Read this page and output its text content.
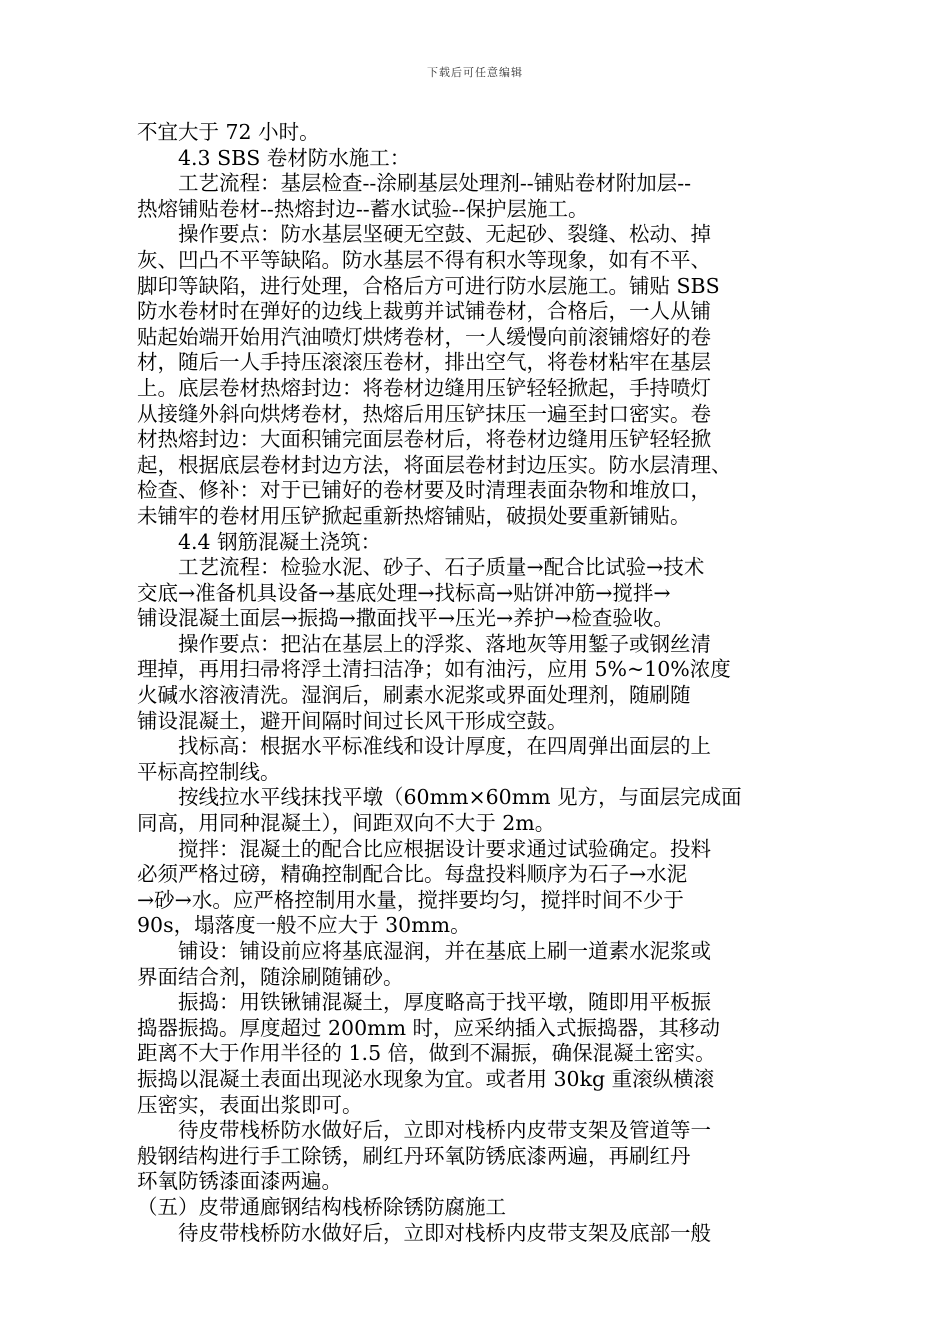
下载后可任意编辑
不宜大于 72 小时。
　　4.3 SBS 卷材防水施工：
　　工艺流程：基层检查--涂刷基层处理剂--铺贴卷材附加层--
热熔铺贴卷材--热熔封边--蓄水试验--保护层施工。
　　操作要点：防水基层坚硬无空鼓、无起砂、裂缝、松动、掉
灰、凹凸不平等缺陷。防水基层不得有积水等现象，如有不平、
脚印等缺陷，进行处理，合格后方可进行防水层施工。铺贴 SBS
防水卷材时在弹好的边线上裁剪并试铺卷材，合格后，一人从铺
贴起始端开始用汽油喷灯烘烤卷材，一人缓慢向前滚铺熔好的卷
材，随后一人手持压滚滚压卷材，排出空气，将卷材粘牢在基层
上。底层卷材热熔封边：将卷材边缝用压铲轻轻掀起，手持喷灯
从接缝外斜向烘烤卷材，热熔后用压铲抹压一遍至封口密实。卷
材热熔封边：大面积铺完面层卷材后，将卷材边缝用压铲轻轻掀
起，根据底层卷材封边方法，将面层卷材封边压实。防水层清理、
检查、修补：对于已铺好的卷材要及时清理表面杂物和堆放口，
未铺牢的卷材用压铲掀起重新热熔铺贴，破损处要重新铺贴。
　　4.4 钢筋混凝土浇筑：
　　工艺流程：检验水泥、砂子、石子质量→配合比试验→技术
交底→准备机具设备→基底处理→找标高→贴饼冲筋→搅拌→
铺设混凝土面层→振捣→撒面找平→压光→养护→检查验收。
　　操作要点：把沾在基层上的浮浆、落地灰等用錾子或钢丝清
理掉，再用扫帚将浮土清扫洁净；如有油污，应用 5%~10%浓度
火碱水溶液清洗。湿润后，刷素水泥浆或界面处理剂，随刷随
铺设混凝土，避开间隔时间过长风干形成空鼓。
　　找标高：根据水平标准线和设计厚度，在四周弹出面层的上
平标高控制线。
　　按线拉水平线抹找平墩（60mm×60mm 见方，与面层完成面
同高，用同种混凝土），间距双向不大于 2m。
　　搅拌：混凝土的配合比应根据设计要求通过试验确定。投料
必须严格过磅，精确控制配合比。每盘投料顺序为石子→水泥
→砂→水。应严格控制用水量，搅拌要均匀，搅拌时间不少于
90s，塌落度一般不应大于 30mm。
　　铺设：铺设前应将基底湿润，并在基底上刷一道素水泥浆或
界面结合剂，随涂刷随铺砂。
　　振捣：用铁锹铺混凝土，厚度略高于找平墩，随即用平板振
捣器振捣。厚度超过 200mm 时，应采纳插入式振捣器，其移动
距离不大于作用半径的 1.5 倍，做到不漏振，确保混凝土密实。
振捣以混凝土表面出现泌水现象为宜。或者用 30kg 重滚纵横滚
压密实，表面出浆即可。
　　待皮带栈桥防水做好后，立即对栈桥内皮带支架及管道等一
般钢结构进行手工除锈，刷红丹环氧防锈底漆两遍，再刷红丹
环氧防锈漆面漆两遍。
（五）皮带通廊钢结构栈桥除锈防腐施工
　　待皮带栈桥防水做好后，立即对栈桥内皮带支架及底部一般
